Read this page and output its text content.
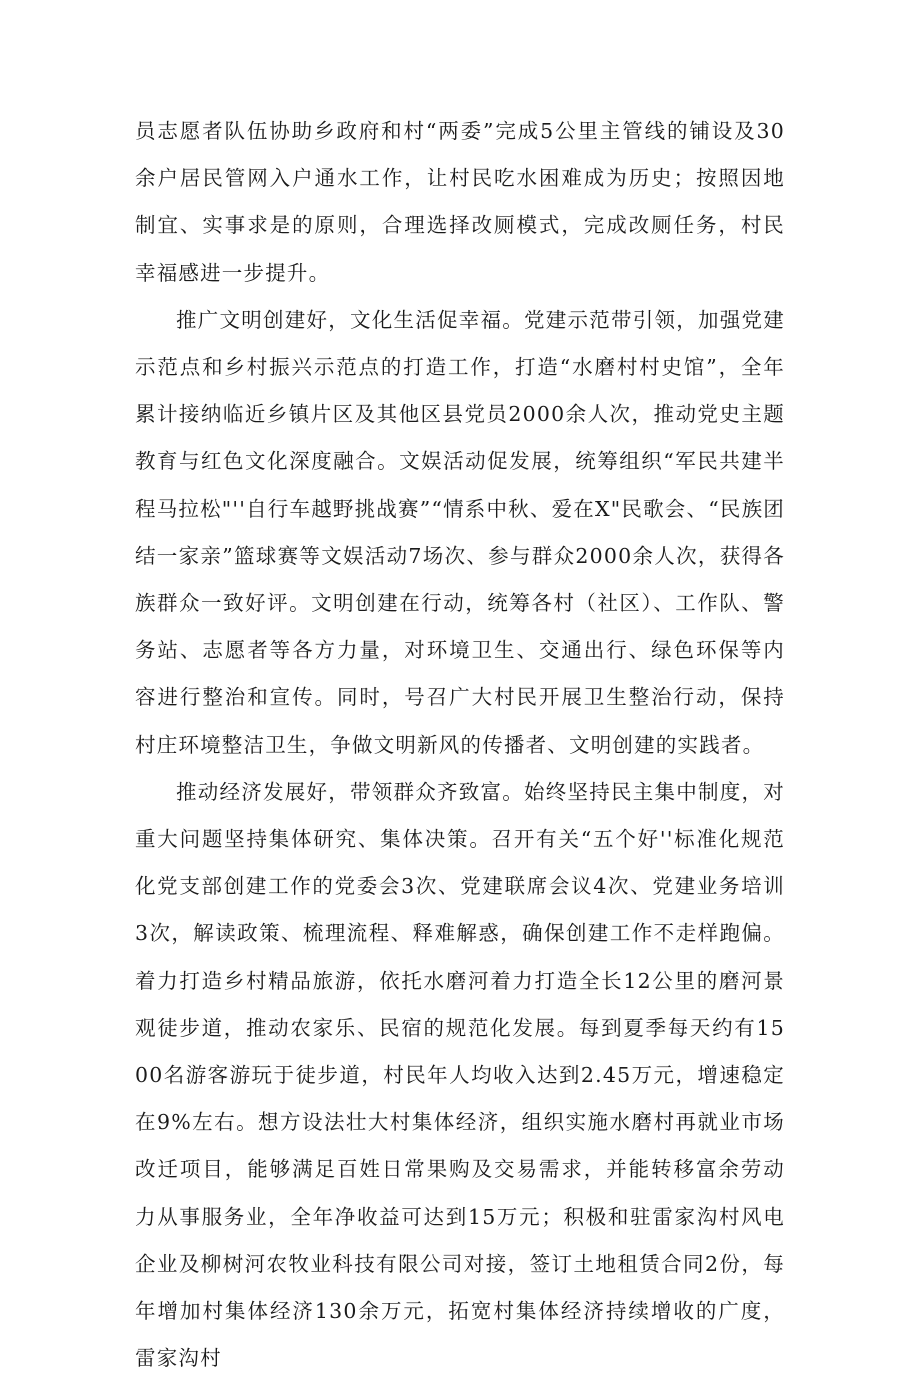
员志愿者队伍协助乡政府和村“两委”完成5公里主管线的铺设及30余户居民管网入户通水工作，让村民吃水困难成为历史；按照因地制宜、实事求是的原则，合理选择改厕模式，完成改厕任务，村民幸福感进一步提升。

推广文明创建好，文化生活促幸福。党建示范带引领，加强党建示范点和乡村振兴示范点的打造工作，打造“水磨村村史馆”，全年累计接纳临近乡镇片区及其他区县党员2000余人次，推动党史主题教育与红色文化深度融合。文娱活动促发展，统筹组织“军民共建半程马拉松"''自行车越野挑战赛”“情系中秋、爱在X"民歌会、“民族团结一家亲”篮球赛等文娱活动7场次、参与群众2000余人次，获得各族群众一致好评。文明创建在行动，统筹各村（社区）、工作队、警务站、志愿者等各方力量，对环境卫生、交通出行、绿色环保等内容进行整治和宣传。同时，号召广大村民开展卫生整治行动，保持村庄环境整洁卫生，争做文明新风的传播者、文明创建的实践者。

推动经济发展好，带领群众齐致富。始终坚持民主集中制度，对重大问题坚持集体研究、集体决策。召开有关“五个好''标准化规范化党支部创建工作的党委会3次、党建联席会议4次、党建业务培训3次，解读政策、梳理流程、释难解惑，确保创建工作不走样跑偏。着力打造乡村精品旅游，依托水磨河着力打造全长12公里的磨河景观徒步道，推动农家乐、民宿的规范化发展。每到夏季每天约有1500名游客游玩于徒步道，村民年人均收入达到2.45万元，增速稳定在9%左右。想方设法壮大村集体经济，组织实施水磨村再就业市场改迁项目，能够满足百姓日常果购及交易需求，并能转移富余劳动力从事服务业，全年净收益可达到15万元；积极和驻雷家沟村风电企业及柳树河农牧业科技有限公司对接，签订土地租赁合同2份，每年增加村集体经济130余万元，拓宽村集体经济持续增收的广度，雷家沟村
